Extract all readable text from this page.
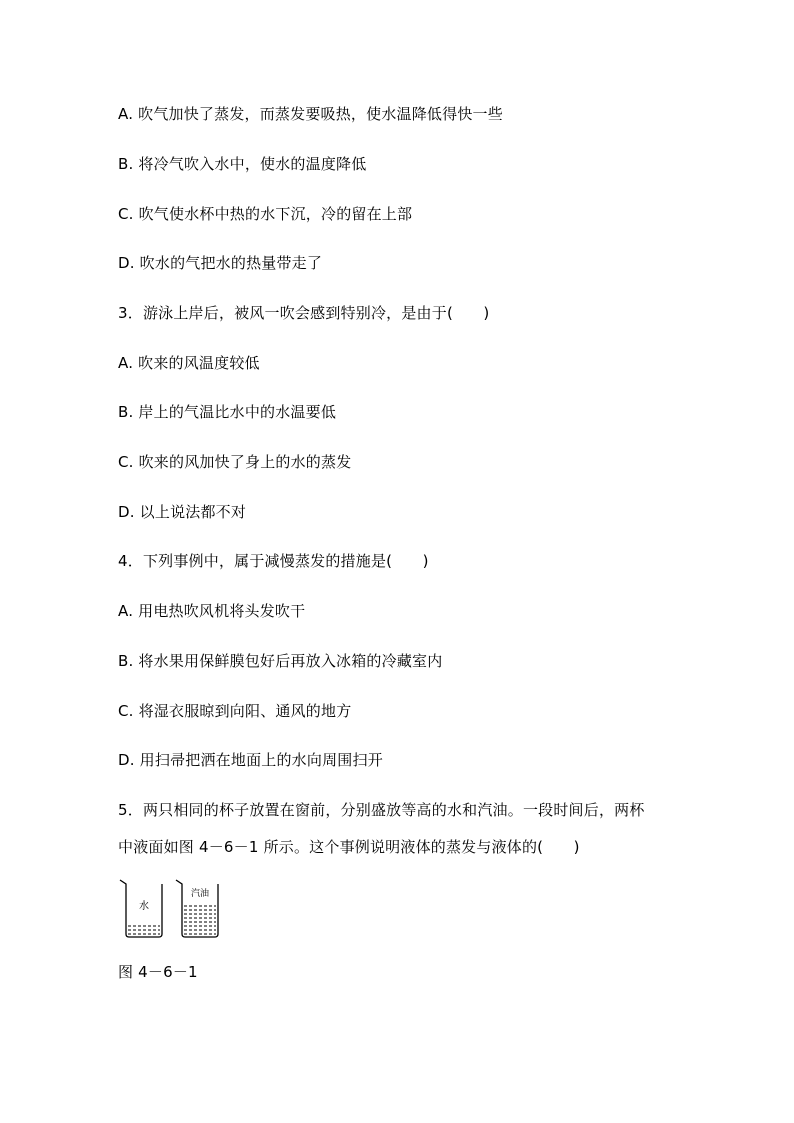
A. 吹气加快了蒸发，而蒸发要吸热，使水温降低得快一些
B. 将冷气吹入水中，使水的温度降低
C. 吹气使水杯中热的水下沉，冷的留在上部
D. 吹水的气把水的热量带走了
3．游泳上岸后，被风一吹会感到特别冷，是由于(　　)
A. 吹来的风温度较低
B. 岸上的气温比水中的水温要低
C. 吹来的风加快了身上的水的蒸发
D. 以上说法都不对
4．下列事例中，属于减慢蒸发的措施是(　　)
A. 用电热吹风机将头发吹干
B. 将水果用保鲜膜包好后再放入冰箱的冷藏室内
C. 将湿衣服晾到向阳、通风的地方
D. 用扫帚把洒在地面上的水向周围扫开
5．两只相同的杯子放置在窗前，分别盛放等高的水和汽油。一段时间后，两杯
中液面如图 4－6－1 所示。这个事例说明液体的蒸发与液体的(　　)
水
汽油
图 4－6－1
